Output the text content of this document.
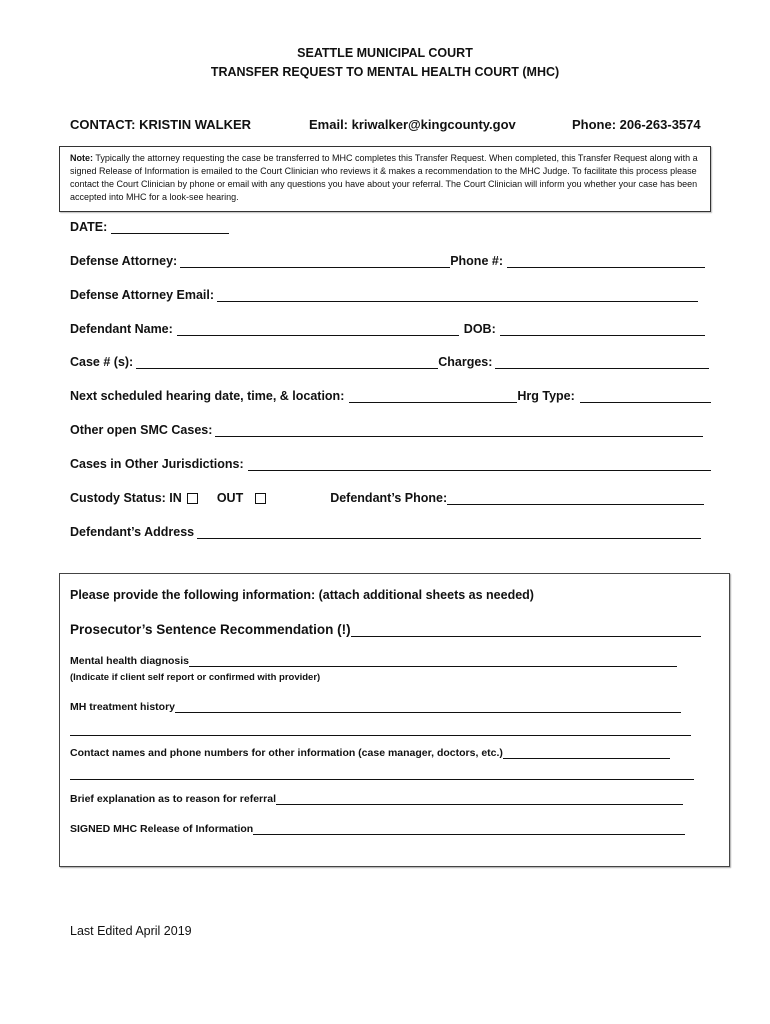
SEATTLE MUNICIPAL COURT
TRANSFER REQUEST TO MENTAL HEALTH COURT (MHC)
CONTACT: KRISTIN WALKER	Email: kriwalker@kingcounty.gov	Phone: 206-263-3574
Note: Typically the attorney requesting the case be transferred to MHC completes this Transfer Request. When completed, this Transfer Request along with a signed Release of Information is emailed to the Court Clinician who reviews it & makes a recommendation to the MHC Judge. To facilitate this process please contact the Court Clinician by phone or email with any questions you have about your referral. The Court Clinician will inform you whether your case has been accepted into MHC for a look-see hearing.
DATE:
Defense Attorney:	Phone #:
Defense Attorney Email:
Defendant Name:	DOB:
Case # (s):	Charges:
Next scheduled hearing date, time, & location:	Hrg Type:
Other open SMC Cases:
Cases in Other Jurisdictions:
Custody Status: IN	OUT	Defendant’s Phone:
Defendant’s Address
Please provide the following information: (attach additional sheets as needed)
Prosecutor’s Sentence Recommendation (!)
Mental health diagnosis
(Indicate if client self report or confirmed with provider)
MH treatment history
Contact names and phone numbers for other information (case manager, doctors, etc.)
Brief explanation as to reason for referral
SIGNED MHC Release of Information
Last Edited April 2019
